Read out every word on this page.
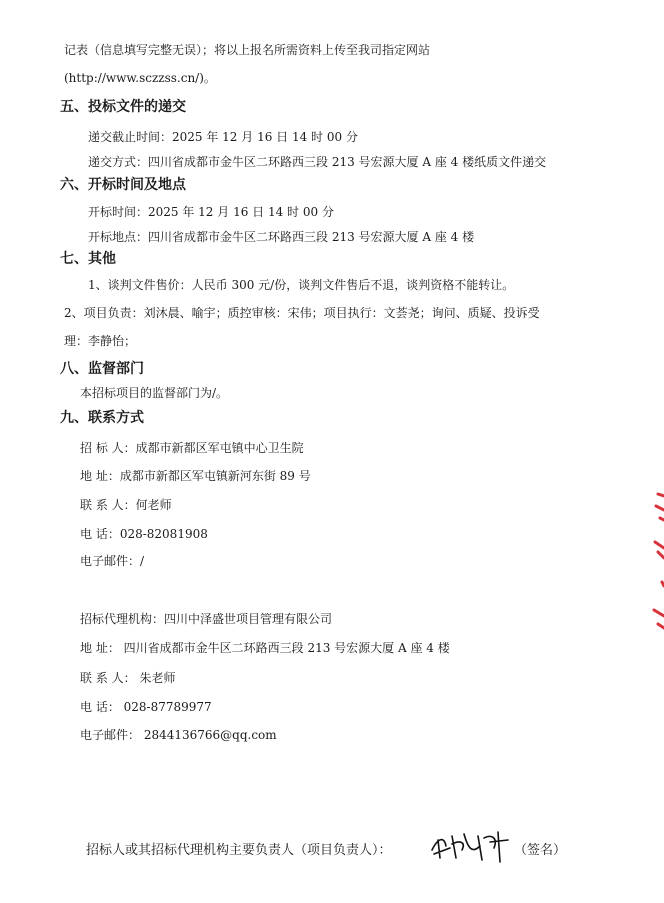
记表（信息填写完整无误）；将以上报名所需资料上传至我司指定网站
(http://www.sczzss.cn/)。
五、投标文件的递交
递交截止时间：2025 年 12 月 16 日 14 时 00 分
递交方式：四川省成都市金牛区二环路西三段 213 号宏源大厦 A 座 4 楼纸质文件递交
六、开标时间及地点
开标时间：2025 年 12 月 16 日 14 时 00 分
开标地点：四川省成都市金牛区二环路西三段 213 号宏源大厦 A 座 4 楼
七、其他
1、谈判文件售价：人民币 300 元/份，谈判文件售后不退，谈判资格不能转让。
2、项目负责：刘沐晨、喻宇；质控审核：宋伟；项目执行：文荟尧；询问、质疑、投诉受
理：李静怡；
八、监督部门
本招标项目的监督部门为/。
九、联系方式
招 标 人：成都市新都区军屯镇中心卫生院
地 址：成都市新都区军屯镇新河东街 89 号
联 系 人：何老师
电 话：028-82081908
电子邮件：/
招标代理机构：四川中泽盛世项目管理有限公司
地 址： 四川省成都市金牛区二环路西三段 213 号宏源大厦 A 座 4 楼
联 系 人： 朱老师
电 话： 028-87789977
电子邮件： 2844136766@qq.com
招标人或其招标代理机构主要负责人（项目负责人）：	（签名）
